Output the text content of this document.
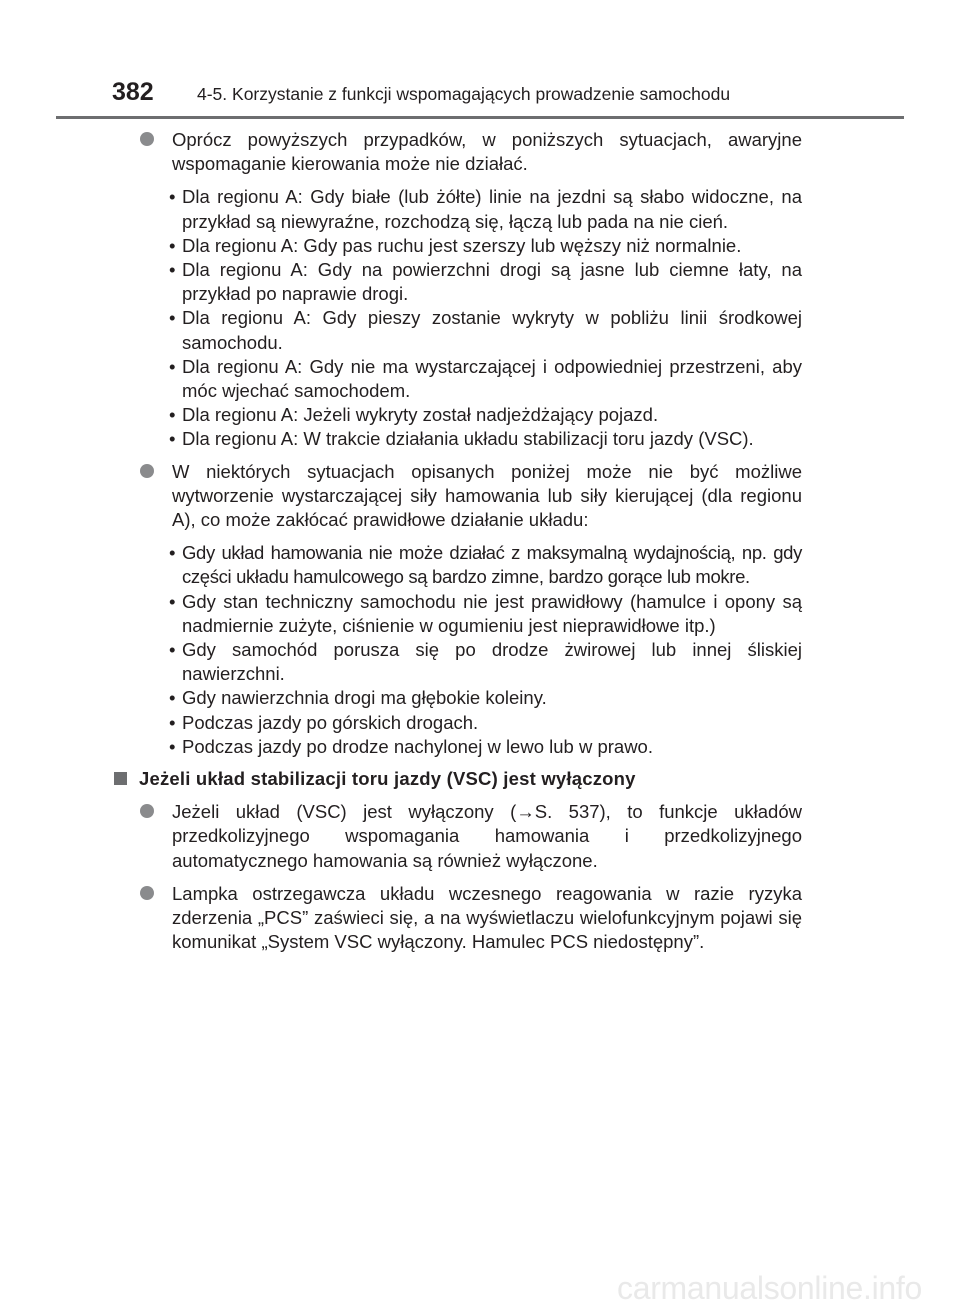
382 4-5. Korzystanie z funkcji wspomagających prowadzenie samochodu
Oprócz powyższych przypadków, w poniższych sytuacjach, awaryjne wspomaganie kierowania może nie działać.
• Dla regionu A: Gdy białe (lub żółte) linie na jezdni są słabo widoczne, na przykład są niewyraźne, rozchodzą się, łączą lub pada na nie cień.
• Dla regionu A: Gdy pas ruchu jest szerszy lub węższy niż normalnie.
• Dla regionu A: Gdy na powierzchni drogi są jasne lub ciemne łaty, na przykład po naprawie drogi.
• Dla regionu A: Gdy pieszy zostanie wykryty w pobliżu linii środkowej samochodu.
• Dla regionu A: Gdy nie ma wystarczającej i odpowiedniej przestrzeni, aby móc wjechać samochodem.
• Dla regionu A: Jeżeli wykryty został nadjeżdżający pojazd.
• Dla regionu A: W trakcie działania układu stabilizacji toru jazdy (VSC).
W niektórych sytuacjach opisanych poniżej może nie być możliwe wytworzenie wystarczającej siły hamowania lub siły kierującej (dla regionu A), co może zakłócać prawidłowe działanie układu:
• Gdy układ hamowania nie może działać z maksymalną wydajnością, np. gdy części układu hamulcowego są bardzo zimne, bardzo gorące lub mokre.
• Gdy stan techniczny samochodu nie jest prawidłowy (hamulce i opony są nadmiernie zużyte, ciśnienie w ogumieniu jest nieprawidłowe itp.)
• Gdy samochód porusza się po drodze żwirowej lub innej śliskiej nawierzchni.
• Gdy nawierzchnia drogi ma głębokie koleiny.
• Podczas jazdy po górskich drogach.
• Podczas jazdy po drodze nachylonej w lewo lub w prawo.
Jeżeli układ stabilizacji toru jazdy (VSC) jest wyłączony
Jeżeli układ (VSC) jest wyłączony (→S. 537), to funkcje układów przedkolizyjnego wspomagania hamowania i przedkolizyjnego automatycznego hamowania są również wyłączone.
Lampka ostrzegawcza układu wczesnego reagowania w razie ryzyka zderzenia „PCS” zaświeci się, a na wyświetlaczu wielofunkcyjnym pojawi się komunikat „System VSC wyłączony. Hamulec PCS niedostępny”.
carmanualsonline.info
